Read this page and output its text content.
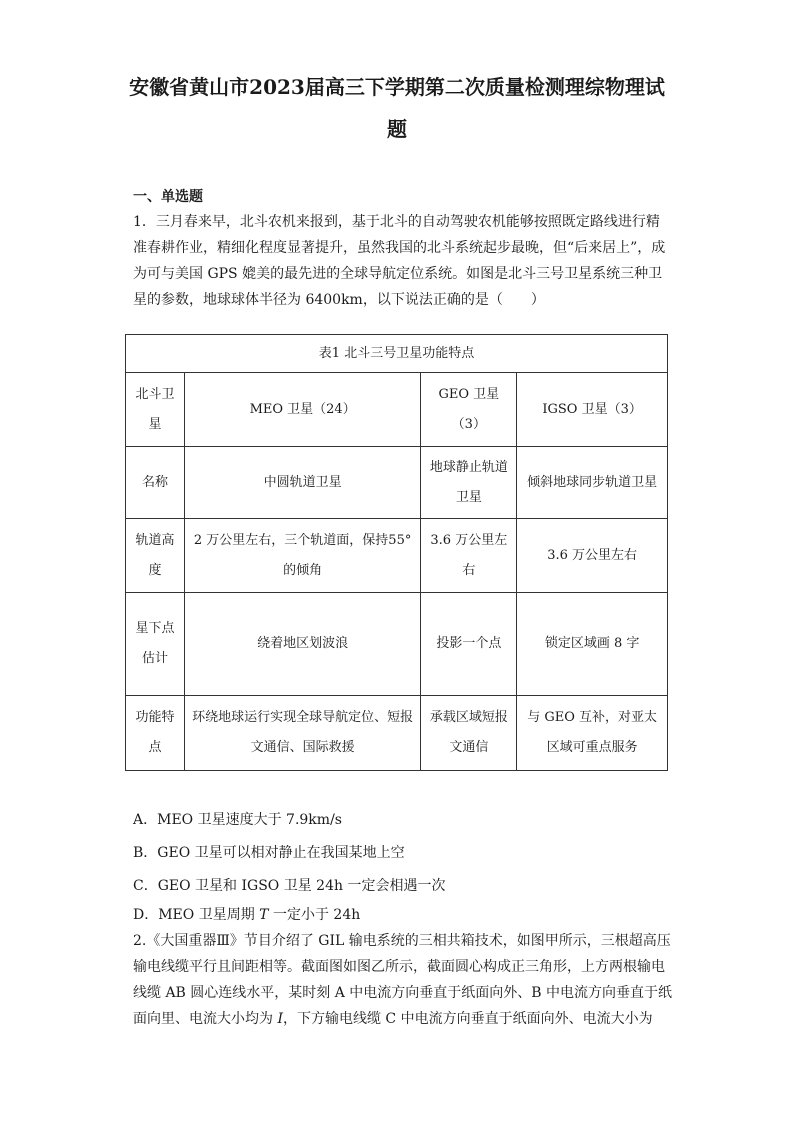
安徽省黄山市2023届高三下学期第二次质量检测理综物理试
题
一、单选题
1．三月春来早，北斗农机来报到，基于北斗的自动驾驶农机能够按照既定路线进行精
准春耕作业，精细化程度显著提升，虽然我国的北斗系统起步最晚，但“后来居上”，成
为可与美国 GPS 媲美的最先进的全球导航定位系统。如图是北斗三号卫星系统三种卫
星的参数，地球球体半径为 6400km，以下说法正确的是（　　）
表1 北斗三号卫星功能特点			
北斗卫星	MEO 卫星（24）	GEO 卫星（3）	IGSO 卫星（3）
名称	中圆轨道卫星	地球静止轨道卫星	倾斜地球同步轨道卫星
轨道高度	2 万公里左右，三个轨道面，保持55°的倾角	3.6 万公里左右	3.6 万公里左右
星下点估计	绕着地区划波浪	投影一个点	锁定区域画 8 字
功能特点	环绕地球运行实现全球导航定位、短报文通信、国际救援	承载区域短报文通信	与 GEO 互补，对亚太区域可重点服务
A．MEO 卫星速度大于 7.9km/s
B．GEO 卫星可以相对静止在我国某地上空
C．GEO 卫星和 IGSO 卫星 24h 一定会相遇一次
D．MEO 卫星周期 T 一定小于 24h
2.《大国重器Ⅲ》节目介绍了 GIL 输电系统的三相共箱技术，如图甲所示，三根超高压
输电线缆平行且间距相等。截面图如图乙所示，截面圆心构成正三角形，上方两根输电
线缆 AB 圆心连线水平，某时刻 A 中电流方向垂直于纸面向外、B 中电流方向垂直于纸
面向里、电流大小均为 I，下方输电线缆 C 中电流方向垂直于纸面向外、电流大小为
